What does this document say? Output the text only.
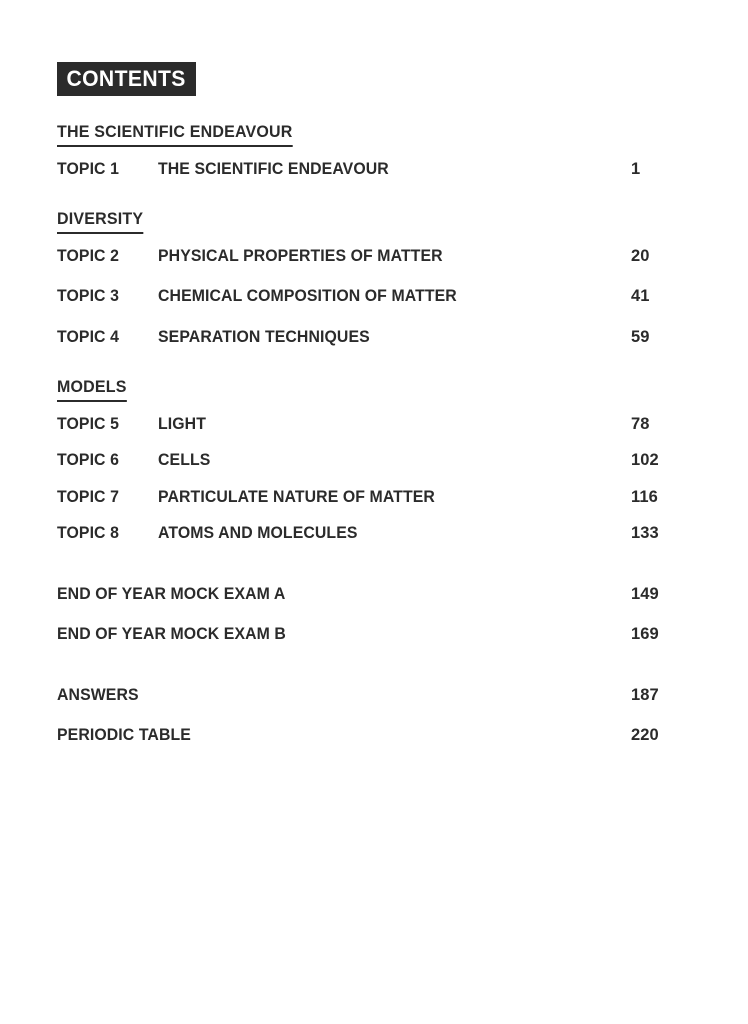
CONTENTS
THE SCIENTIFIC ENDEAVOUR
TOPIC 1	THE SCIENTIFIC ENDEAVOUR	1
DIVERSITY
TOPIC 2	PHYSICAL PROPERTIES OF MATTER	20
TOPIC 3	CHEMICAL COMPOSITION OF MATTER	41
TOPIC 4	SEPARATION TECHNIQUES	59
MODELS
TOPIC 5	LIGHT	78
TOPIC 6	CELLS	102
TOPIC 7	PARTICULATE NATURE OF MATTER	116
TOPIC 8	ATOMS AND MOLECULES	133
END OF YEAR MOCK EXAM A	149
END OF YEAR MOCK EXAM B	169
ANSWERS	187
PERIODIC TABLE	220
